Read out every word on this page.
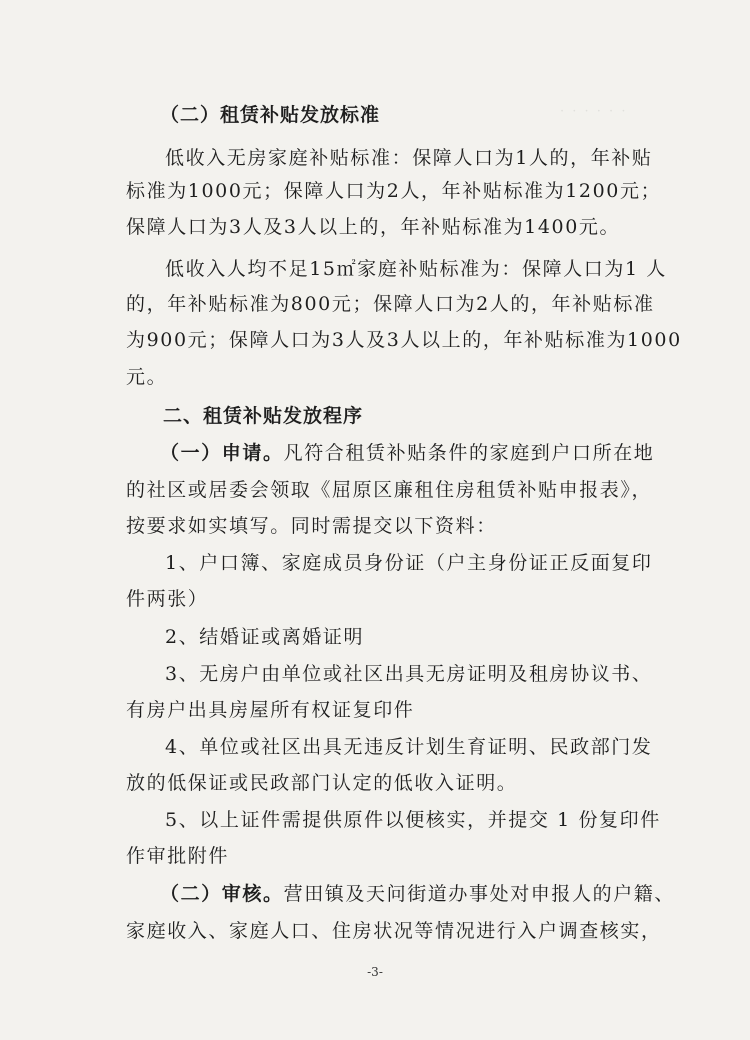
· · · · · ·
（二）租赁补贴发放标准
低收入无房家庭补贴标准：保障人口为1人的，年补贴
标准为1000元；保障人口为2人，年补贴标准为1200元；
保障人口为3人及3人以上的，年补贴标准为1400元。
低收入人均不足15㎡家庭补贴标准为：保障人口为1 人
的，年补贴标准为800元；保障人口为2人的，年补贴标准
为900元；保障人口为3人及3人以上的，年补贴标准为1000
元。
二、租赁补贴发放程序
（一）申请。凡符合租赁补贴条件的家庭到户口所在地
的社区或居委会领取《屈原区廉租住房租赁补贴申报表》，
按要求如实填写。同时需提交以下资料：
1、户口簿、家庭成员身份证（户主身份证正反面复印
件两张）
2、结婚证或离婚证明
3、无房户由单位或社区出具无房证明及租房协议书、
有房户出具房屋所有权证复印件
4、单位或社区出具无违反计划生育证明、民政部门发
放的低保证或民政部门认定的低收入证明。
5、以上证件需提供原件以便核实，并提交 1 份复印件
作审批附件
（二）审核。营田镇及天问街道办事处对申报人的户籍、
家庭收入、家庭人口、住房状况等情况进行入户调查核实，
-3-
